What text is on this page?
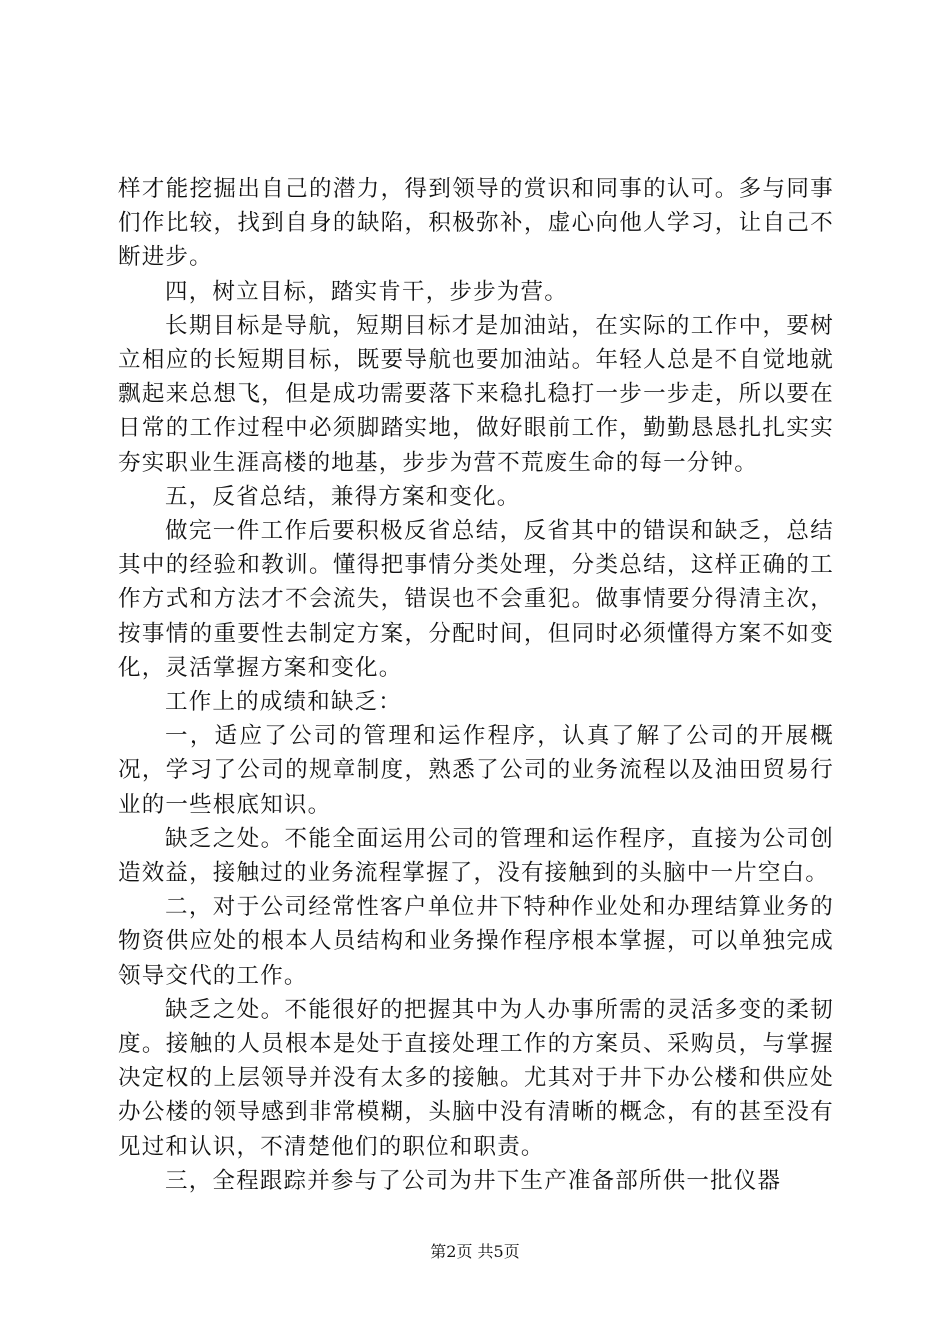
样才能挖掘出自己的潜力，得到领导的赏识和同事的认可。多与同事们作比较，找到自身的缺陷，积极弥补，虚心向他人学习，让自己不断进步。

四，树立目标，踏实肯干，步步为营。

长期目标是导航，短期目标才是加油站，在实际的工作中，要树立相应的长短期目标，既要导航也要加油站。年轻人总是不自觉地就飘起来总想飞，但是成功需要落下来稳扎稳打一步一步走，所以要在日常的工作过程中必须脚踏实地，做好眼前工作，勤勤恳恳扎扎实实夯实职业生涯高楼的地基，步步为营不荒废生命的每一分钟。

五，反省总结，兼得方案和变化。

做完一件工作后要积极反省总结，反省其中的错误和缺乏，总结其中的经验和教训。懂得把事情分类处理，分类总结，这样正确的工作方式和方法才不会流失，错误也不会重犯。做事情要分得清主次，按事情的重要性去制定方案，分配时间，但同时必须懂得方案不如变化，灵活掌握方案和变化。

工作上的成绩和缺乏：

一，适应了公司的管理和运作程序，认真了解了公司的开展概况，学习了公司的规章制度，熟悉了公司的业务流程以及油田贸易行业的一些根底知识。

缺乏之处。不能全面运用公司的管理和运作程序，直接为公司创造效益，接触过的业务流程掌握了，没有接触到的头脑中一片空白。

二，对于公司经常性客户单位井下特种作业处和办理结算业务的物资供应处的根本人员结构和业务操作程序根本掌握，可以单独完成领导交代的工作。

缺乏之处。不能很好的把握其中为人办事所需的灵活多变的柔韧度。接触的人员根本是处于直接处理工作的方案员、采购员，与掌握决定权的上层领导并没有太多的接触。尤其对于井下办公楼和供应处办公楼的领导感到非常模糊，头脑中没有清晰的概念，有的甚至没有见过和认识，不清楚他们的职位和职责。

三，全程跟踪并参与了公司为井下生产准备部所供一批仪器

第2页 共5页
